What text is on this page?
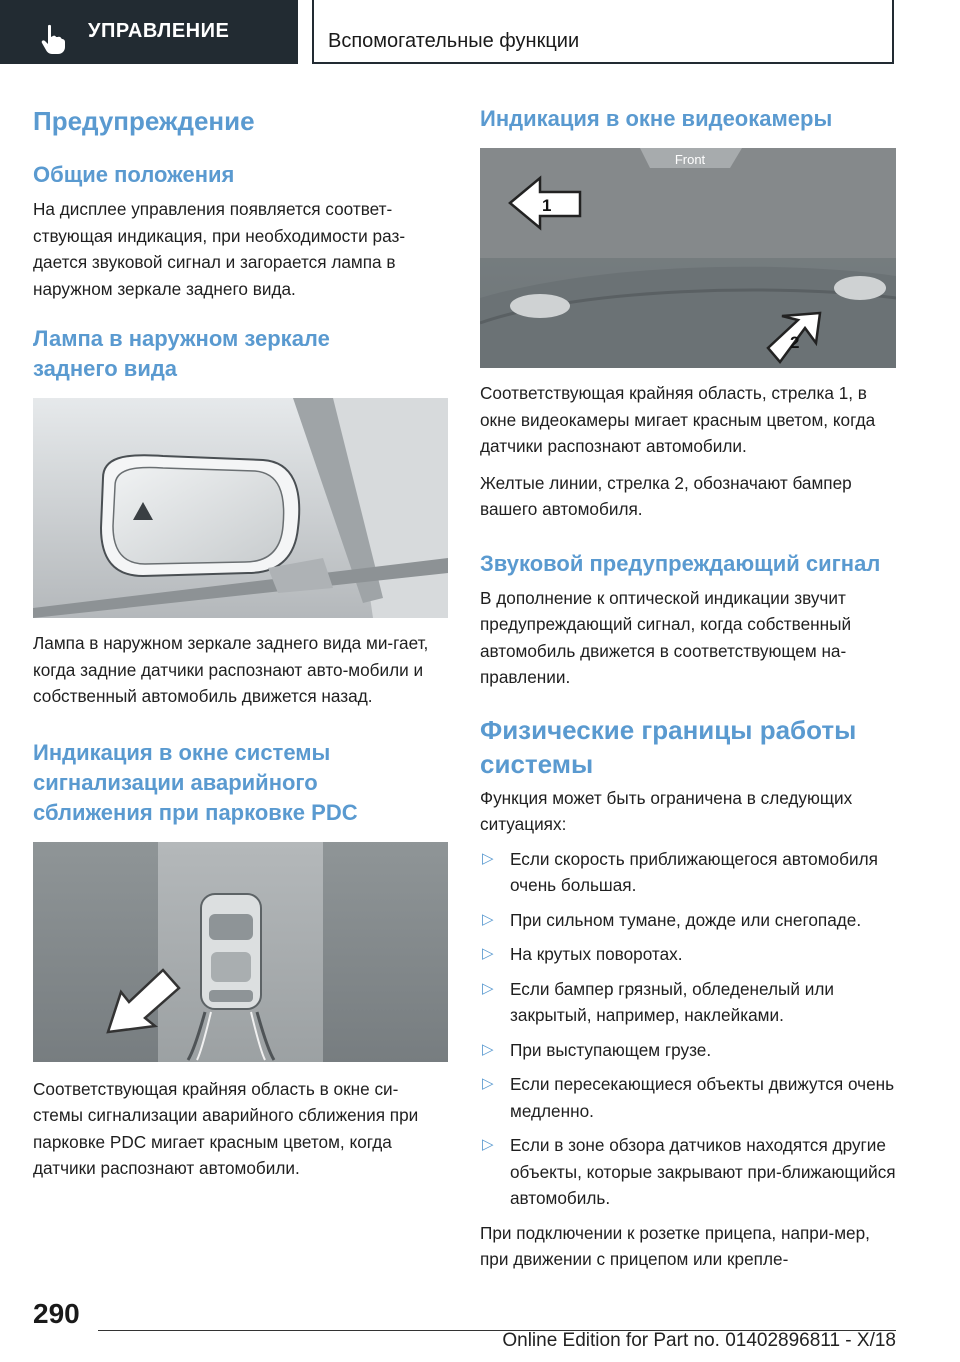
УПРАВЛЕНИЕ	Вспомогательные функции
Предупреждение
Общие положения

На дисплее управления появляется соответ-ствующая индикация, при необходимости раз-дается звуковой сигнал и загорается лампа в наружном зеркале заднего вида.

Лампа в наружном зеркале заднего вида

Лампа в наружном зеркале заднего вида ми-гает, когда задние датчики распознают авто-мобили и собственный автомобиль движется назад.

Индикация в окне системы сигнализации аварийного сближения при парковке PDC

Соответствующая крайняя область в окне си-стемы сигнализации аварийного сближения при парковке PDC мигает красным цветом, когда датчики распознают автомобили.

Индикация в окне видеокамеры
Front
1
2

Соответствующая крайняя область, стрелка 1, в окне видеокамеры мигает красным цветом, когда датчики распознают автомобили.

Желтые линии, стрелка 2, обозначают бампер вашего автомобиля.

Звуковой предупреждающий сигнал

В дополнение к оптической индикации звучит предупреждающий сигнал, когда собственный автомобиль движется в соответствующем на-правлении.

Физические границы работы системы

Функция может быть ограничена в следующих ситуациях:

▷ Если скорость приближающегося автомобиля очень большая.
▷ При сильном тумане, дожде или снегопаде.
▷ На крутых поворотах.
▷ Если бампер грязный, обледенелый или закрытый, например, наклейками.
▷ При выступающем грузе.
▷ Если пересекающиеся объекты движутся очень медленно.
▷ Если в зоне обзора датчиков находятся другие объекты, которые закрывают при-ближающийся автомобиль.

При подключении к розетке прицепа, напри-мер, при движении с прицепом или крепле-

290
Online Edition for Part no. 01402896811 - X/18
